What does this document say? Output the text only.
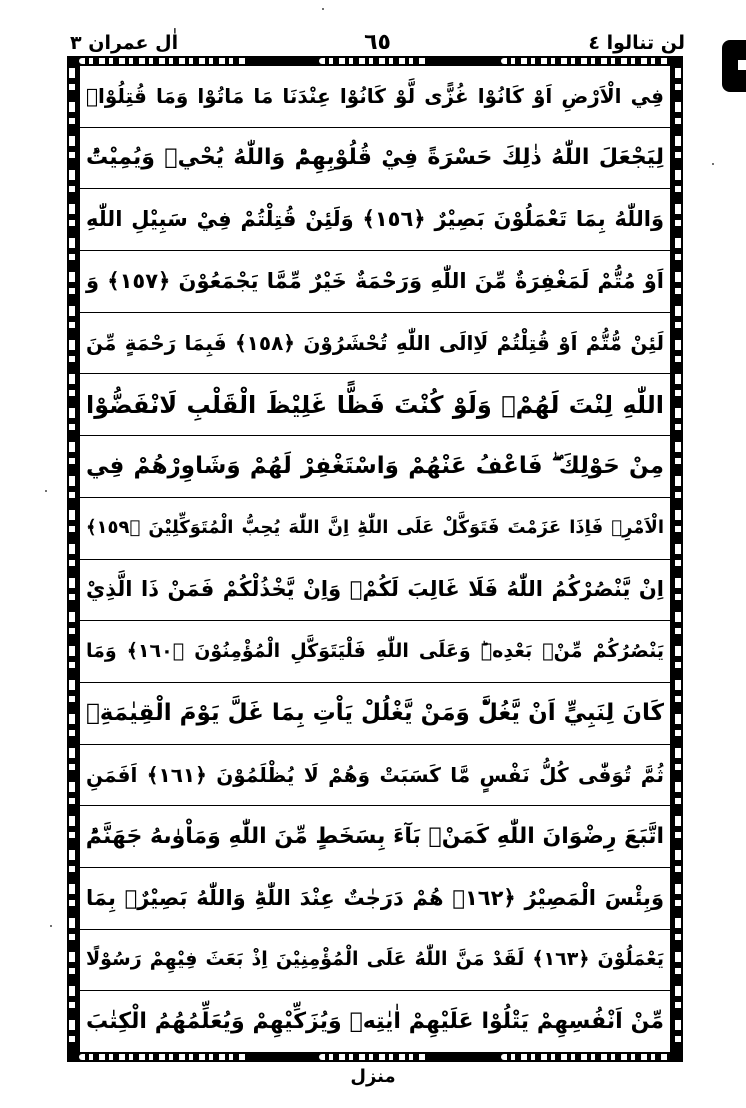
لن تنالوا ٤
٦٥
اٰل عمران ٣
فِي الْاَرْضِ اَوْ كَانُوْا غُزًّى لَّوْ كَانُوْا عِنْدَنَا مَا مَاتُوْا وَمَا قُتِلُوْاۚ
لِيَجْعَلَ اللّٰهُ ذٰلِكَ حَسْرَةً فِيْ قُلُوْبِهِمْؕ وَاللّٰهُ يُحْيٖ وَيُمِيْتُؕ
وَاللّٰهُ بِمَا تَعْمَلُوْنَ بَصِيْرٌ ﴿١٥٦﴾ وَلَئِنْ قُتِلْتُمْ فِيْ سَبِيْلِ اللّٰهِ
اَوْ مُتُّمْ لَمَغْفِرَةٌ مِّنَ اللّٰهِ وَرَحْمَةٌ خَيْرٌ مِّمَّا يَجْمَعُوْنَ ﴿١٥٧﴾ وَ
لَئِنْ مُّتُّمْ اَوْ قُتِلْتُمْ لَاِالَى اللّٰهِ تُحْشَرُوْنَ ﴿١٥٨﴾ فَبِمَا رَحْمَةٍ مِّنَ
اللّٰهِ لِنْتَ لَهُمْۚ وَلَوْ كُنْتَ فَظًّا غَلِيْظَ الْقَلْبِ لَانْفَضُّوْا
مِنْ حَوْلِكَ ۖ فَاعْفُ عَنْهُمْ وَاسْتَغْفِرْ لَهُمْ وَشَاوِرْهُمْ فِي
الْاَمْرِۚ فَاِذَا عَزَمْتَ فَتَوَكَّلْ عَلَى اللّٰهِؕ اِنَّ اللّٰهَ يُحِبُّ الْمُتَوَكِّلِيْنَ ﴿١٥٩﴾
اِنْ يَّنْصُرْكُمُ اللّٰهُ فَلَا غَالِبَ لَكُمْۚ وَاِنْ يَّخْذُلْكُمْ فَمَنْ ذَا الَّذِيْ
يَنْصُرُكُمْ مِّنْۢ بَعْدِهٖؕ وَعَلَى اللّٰهِ فَلْيَتَوَكَّلِ الْمُؤْمِنُوْنَ ﴿١٦٠﴾ وَمَا
كَانَ لِنَبِيٍّ اَنْ يَّغُلَّؕ وَمَنْ يَّغْلُلْ يَاْتِ بِمَا غَلَّ يَوْمَ الْقِيٰمَةِۚ
ثُمَّ تُوَفّٰى كُلُّ نَفْسٍ مَّا كَسَبَتْ وَهُمْ لَا يُظْلَمُوْنَ ﴿١٦١﴾ اَفَمَنِ
اتَّبَعَ رِضْوَانَ اللّٰهِ كَمَنْۢ بَآءَ بِسَخَطٍ مِّنَ اللّٰهِ وَمَاْوٰىهُ جَهَنَّمُؕ
وَبِئْسَ الْمَصِيْرُ ﴿١٦٢﴾ هُمْ دَرَجٰتٌ عِنْدَ اللّٰهِؕ وَاللّٰهُ بَصِيْرٌۢ بِمَا
يَعْمَلُوْنَ ﴿١٦٣﴾ لَقَدْ مَنَّ اللّٰهُ عَلَى الْمُؤْمِنِيْنَ اِذْ بَعَثَ فِيْهِمْ رَسُوْلًا
مِّنْ اَنْفُسِهِمْ يَتْلُوْا عَلَيْهِمْ اٰيٰتِهٖ وَيُزَكِّيْهِمْ وَيُعَلِّمُهُمُ الْكِتٰبَ
منزل
